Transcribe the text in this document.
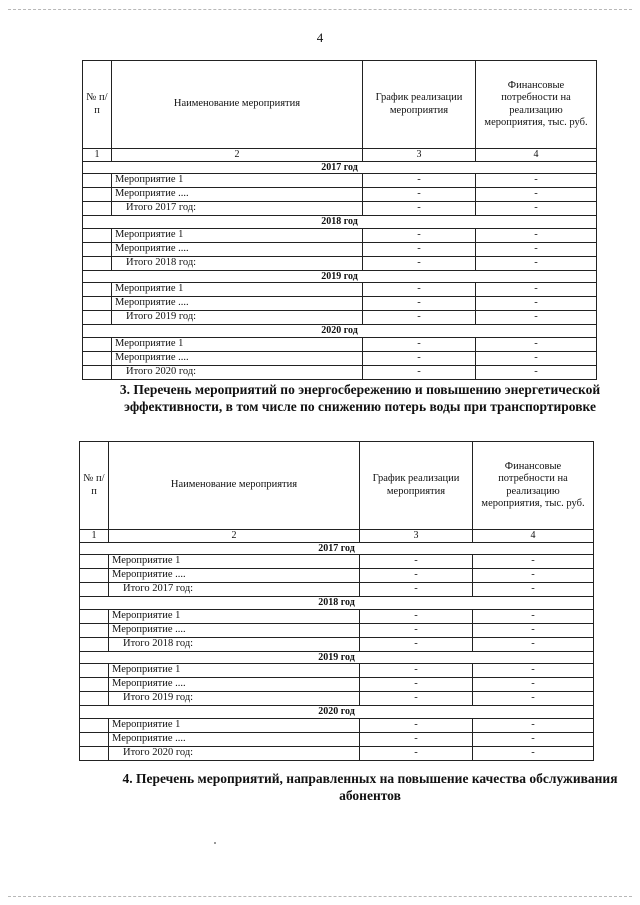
4
№ п/п	Наименование мероприятия	График реализации мероприятия	Финансовые потребности на реализацию мероприятия, тыс. руб.
1	2	3	4
2017 год			
	Мероприятие 1	-	-
	Мероприятие ....	-	-
	Итого 2017 год:	-	-
2018 год			
	Мероприятие 1	-	-
	Мероприятие ....	-	-
	Итого 2018 год:	-	-
2019 год			
	Мероприятие 1	-	-
	Мероприятие ....	-	-
	Итого 2019 год:	-	-
2020 год			
	Мероприятие 1	-	-
	Мероприятие ....	-	-
	Итого 2020 год:	-	-
3. Перечень мероприятий по энергосбережению и повышению энергетической эффективности, в том числе по снижению потерь воды при транспортировке
№ п/п	Наименование мероприятия	График реализации мероприятия	Финансовые потребности на реализацию мероприятия, тыс. руб.
1	2	3	4
2017 год			
	Мероприятие 1	-	-
	Мероприятие ....	-	-
	Итого 2017 год:	-	-
2018 год			
	Мероприятие 1	-	-
	Мероприятие ....	-	-
	Итого 2018 год:	-	-
2019 год			
	Мероприятие 1	-	-
	Мероприятие ....	-	-
	Итого 2019 год:	-	-
2020 год			
	Мероприятие 1	-	-
	Мероприятие ....	-	-
	Итого 2020 год:	-	-
4. Перечень мероприятий, направленных на повышение качества обслуживания абонентов
